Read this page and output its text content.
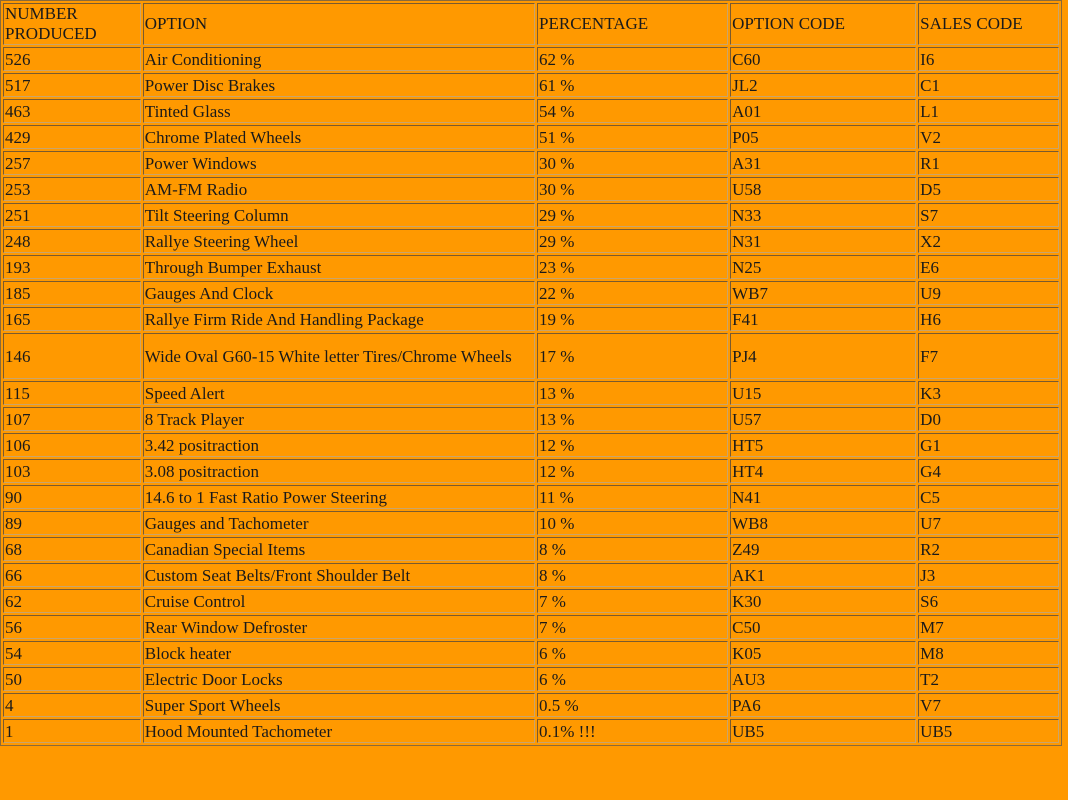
NUMBER PRODUCED	OPTION	PERCENTAGE	OPTION CODE	SALES CODE
526	Air Conditioning	62 %	C60	I6
517	Power Disc Brakes	61 %	JL2	C1
463	Tinted Glass	54 %	A01	L1
429	Chrome Plated Wheels	51 %	P05	V2
257	Power Windows	30 %	A31	R1
253	AM-FM Radio	30 %	U58	D5
251	Tilt Steering Column	29 %	N33	S7
248	Rallye Steering Wheel	29 %	N31	X2
193	Through Bumper Exhaust	23 %	N25	E6
185	Gauges And Clock	22 %	WB7	U9
165	Rallye Firm Ride And Handling Package	19 %	F41	H6
146	Wide Oval G60-15 White letter Tires/Chrome Wheels	17 %	PJ4	F7
115	Speed Alert	13 %	U15	K3
107	8 Track Player	13 %	U57	D0
106	3.42 positraction	12 %	HT5	G1
103	3.08 positraction	12 %	HT4	G4
90	14.6 to 1 Fast Ratio Power Steering	11 %	N41	C5
89	Gauges and Tachometer	10 %	WB8	U7
68	Canadian Special Items	8 %	Z49	R2
66	Custom Seat Belts/Front Shoulder Belt	8 %	AK1	J3
62	Cruise Control	7 %	K30	S6
56	Rear Window Defroster	7 %	C50	M7
54	Block heater	6 %	K05	M8
50	Electric Door Locks	6 %	AU3	T2
4	Super Sport Wheels	0.5 %	PA6	V7
1	Hood Mounted Tachometer	0.1% !!!	UB5	UB5
